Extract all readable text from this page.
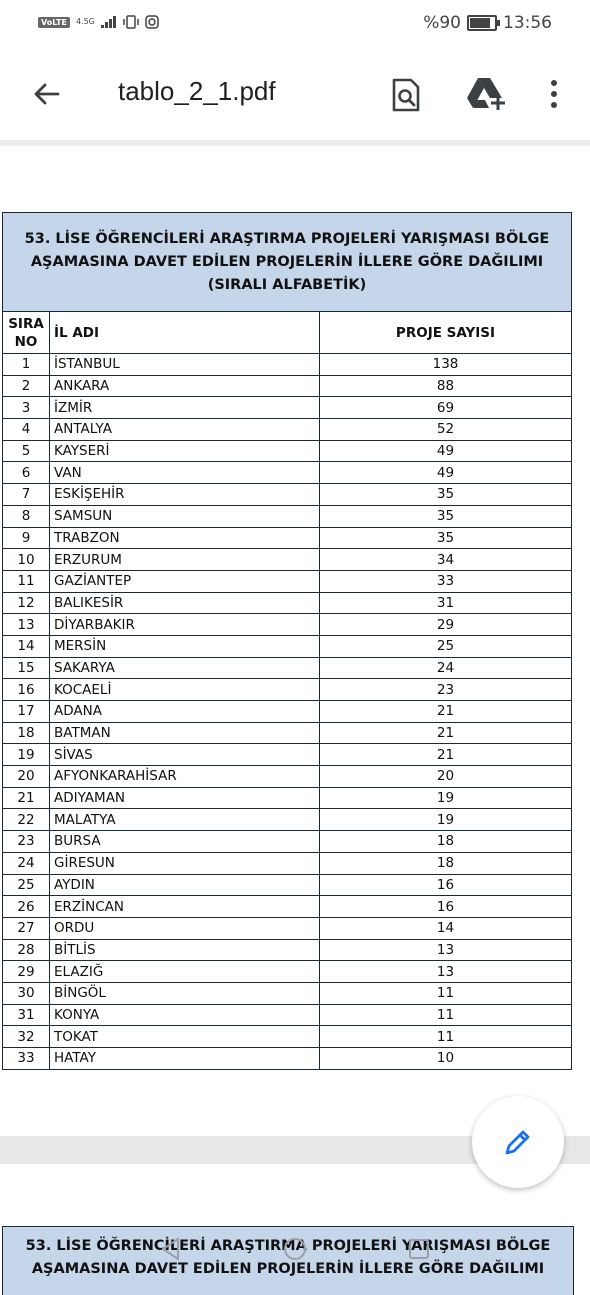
VoLTE	4.5G	%90 13:56
tablo_2_1.pdf
53. LİSE ÖĞRENCİLERİ ARAŞTIRMA PROJELERİ YARIŞMASI BÖLGE
AŞAMASINA DAVET EDİLEN PROJELERİN İLLERE GÖRE DAĞILIMI
(SIRALI ALFABETİK)		

SIRA
NO	İL ADI	PROJE SAYISI
1	İSTANBUL	138
2	ANKARA	88
3	İZMİR	69
4	ANTALYA	52
5	KAYSERİ	49
6	VAN	49
7	ESKİŞEHİR	35
8	SAMSUN	35
9	TRABZON	35
10	ERZURUM	34
11	GAZİANTEP	33
12	BALIKESİR	31
13	DİYARBAKIR	29
14	MERSİN	25
15	SAKARYA	24
16	KOCAELİ	23
17	ADANA	21
18	BATMAN	21
19	SİVAS	21
20	AFYONKARAHİSAR	20
21	ADIYAMAN	19
22	MALATYA	19
23	BURSA	18
24	GİRESUN	18
25	AYDIN	16
26	ERZİNCAN	16
27	ORDU	14
28	BİTLİS	13
29	ELAZIĞ	13
30	BİNGÖL	11
31	KONYA	11
32	TOKAT	11
33	HATAY	10
53. LİSE ÖĞRENCİLERİ ARAŞTIRMA PROJELERİ YARIŞMASI BÖLGE
AŞAMASINA DAVET EDİLEN PROJELERİN İLLERE GÖRE DAĞILIMI
